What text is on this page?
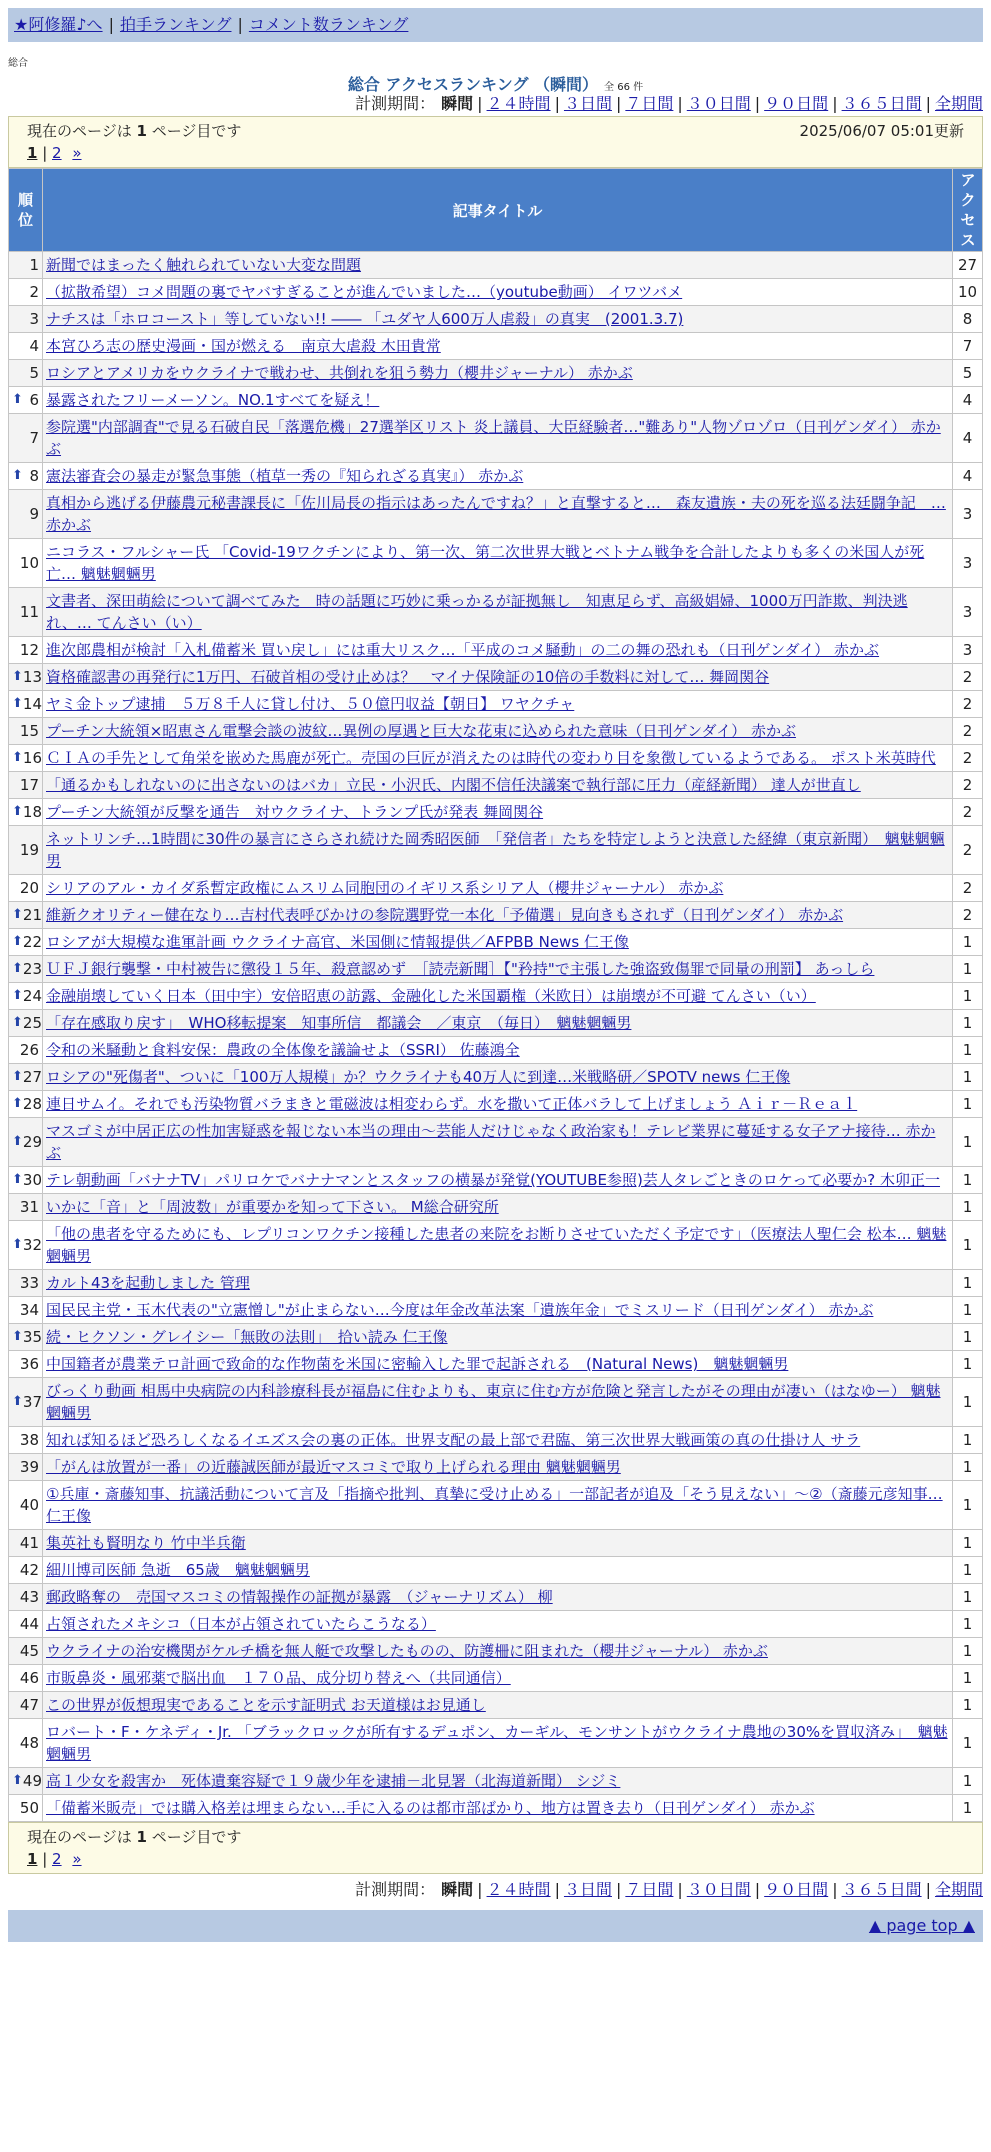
★阿修羅♪へ | 拍手ランキング | コメント数ランキング
総合
総合 アクセスランキング （瞬間） 全 66 件
計測期間： 瞬間 | ２４時間 | ３日間 | ７日間 | ３０日間 | ９０日間 | ３６５日間 | 全期間
現在のページは 1 ページ目です	2025/06/07 05:01更新
1 | 2 »
順位	記事タイトル	アクセス

1	新聞ではまったく触れられていない大変な問題	27
2	（拡散希望）コメ問題の裏でヤバすぎることが進んでいました…（youtube動画） イワツバメ	10
3	ナチスは「ホロコースト」等していない!! ―― 「ユダヤ人600万人虐殺」の真実　(2001.3.7)	8
4	本宮ひろ志の歴史漫画・国が燃える　南京大虐殺 木田貴常	7
5	ロシアとアメリカをウクライナで戦わせ、共倒れを狙う勢力（櫻井ジャーナル） 赤かぶ	5

⬆ 6	暴露されたフリーメーソン。NO.1すべてを疑え！	4
7	参院選"内部調査"で見る石破自民「落選危機」27選挙区リスト 炎上議員、大臣経験者…"難あり"人物ゾロゾロ（日刊ゲンダイ） 赤かぶ	4

⬆ 8	憲法審査会の暴走が緊急事態（植草一秀の『知られざる真実』） 赤かぶ	4
9	真相から逃げる伊藤農元秘書課長に「佐川局長の指示はあったんですね？」と直撃すると…　森友遺族・夫の死を巡る法廷闘争記　… 赤かぶ	3
10	ニコラス・フルシャー氏 「Covid-19ワクチンにより、第一次、第二次世界大戦とベトナム戦争を合計したよりも多くの米国人が死亡… 魑魅魍魎男	3
11	文書者、深田萌絵について調べてみた　時の話題に巧妙に乗っかるが証拠無し　知恵足らず、高級娼婦、1000万円詐欺、判決逃れ、… てんさい（い）	3
12	進次郎農相が検討「入札備蓄米 買い戻し」には重大リスク…「平成のコメ騒動」の二の舞の恐れも（日刊ゲンダイ） 赤かぶ	3

⬆ 13	資格確認書の再発行に1万円、石破首相の受け止めは？　マイナ保険証の10倍の手数料に対して… 舞岡関谷	2

⬆ 14	ヤミ金トップ逮捕　５万８千人に貸し付け、５０億円収益【朝日】 ワヤクチャ	2
15	プーチン大統領×昭恵さん電撃会談の波紋…異例の厚遇と巨大な花束に込められた意味（日刊ゲンダイ） 赤かぶ	2

⬆ 16	ＣＩＡの手先として角栄を嵌めた馬鹿が死亡。売国の巨匠が消えたのは時代の変わり目を象徴しているようである。 ポスト米英時代	2
17	「通るかもしれないのに出さないのはバカ」立民・小沢氏、内閣不信任決議案で執行部に圧力（産経新聞） 達人が世直し	2

⬆ 18	プーチン大統領が反撃を通告　対ウクライナ、トランプ氏が発表 舞岡関谷	2
19	ネットリンチ…1時間に30件の暴言にさらされ続けた岡秀昭医師　「発信者」たちを特定しようと決意した経緯（東京新聞）　魑魅魍魎男	2
20	シリアのアル・カイダ系暫定政権にムスリム同胞団のイギリス系シリア人（櫻井ジャーナル） 赤かぶ	2

⬆ 21	維新クオリティー健在なり…吉村代表呼びかけの参院選野党一本化「予備選」見向きもされず（日刊ゲンダイ） 赤かぶ	2

⬆ 22	ロシアが大規模な進軍計画 ウクライナ高官、米国側に情報提供／AFPBB News 仁王像	1

⬆ 23	ＵＦＪ銀行襲撃・中村被告に懲役１５年、殺意認めず　［読売新聞］【"矜持"で主張した強盗致傷罪で同量の刑罰】 あっしら	1

⬆ 24	金融崩壊していく日本（田中宇）安倍昭恵の訪露、金融化した米国覇権（米欧日）は崩壊が不可避 てんさい（い）	1

⬆ 25	「存在感取り戻す」　WHO移転提案　知事所信　都議会　／東京　（毎日）　魑魅魍魎男	1
26	令和の米騒動と食料安保：農政の全体像を議論せよ（SSRI） 佐藤鴻全	1

⬆ 27	ロシアの"死傷者"、ついに「100万人規模」か？ウクライナも40万人に到達…米戦略研／SPOTV news 仁王像	1

⬆ 28	連日サムイ。それでも汚染物質バラまきと電磁波は相変わらず。水を撒いて正体バラして上げましょう Ａｉｒ－Ｒｅａｌ	1

⬆ 29	マスゴミが中居正広の性加害疑惑を報じない本当の理由〜芸能人だけじゃなく政治家も！テレビ業界に蔓延する女子アナ接待… 赤かぶ	1

⬆ 30	テレ朝動画「バナナTV」パリロケでバナナマンとスタッフの横暴が発覚(YOUTUBE参照)芸人タレごときのロケって必要か? 木卯正一	1
31	いかに「音」と「周波数」が重要かを知って下さい。 M総合研究所	1

⬆ 32	「他の患者を守るためにも、レプリコンワクチン接種した患者の来院をお断りさせていただく予定です」（医療法人聖仁会 松本… 魑魅魍魎男	1
33	カルト43を起動しました 管理	1
34	国民民主党・玉木代表の"立憲憎し"が止まらない…今度は年金改革法案「遺族年金」でミスリード（日刊ゲンダイ） 赤かぶ	1

⬆ 35	続・ヒクソン・グレイシー「無敗の法則」　拾い読み 仁王像	1
36	中国籍者が農業テロ計画で致命的な作物菌を米国に密輸入した罪で起訴される　(Natural News)　魑魅魍魎男	1

⬆ 37	びっくり動画 相馬中央病院の内科診療科長が福島に住むよりも、東京に住む方が危険と発言したがその理由が凄い（はなゆー） 魑魅魍魎男	1
38	知れば知るほど恐ろしくなるイエズス会の裏の正体。世界支配の最上部で君臨、第三次世界大戦画策の真の仕掛け人 サラ	1
39	「がんは放置が一番」の近藤誠医師が最近マスコミで取り上げられる理由 魑魅魍魎男	1
40	①兵庫・斎藤知事、抗議活動について言及「指摘や批判、真摯に受け止める」一部記者が追及「そう見えない」〜②（斎藤元彦知事… 仁王像	1
41	集英社も賢明なり 竹中半兵衛	1
42	細川博司医師 急逝　65歳　魑魅魍魎男	1
43	郵政略奪の　売国マスコミの情報操作の証拠が暴露　（ジャーナリズム） 柳	1
44	占領されたメキシコ（日本が占領されていたらこうなる）	1
45	ウクライナの治安機関がケルチ橋を無人艇で攻撃したものの、防護柵に阻まれた（櫻井ジャーナル） 赤かぶ	1
46	市販鼻炎・風邪薬で脳出血　１７０品、成分切り替えへ（共同通信）	1
47	この世界が仮想現実であることを示す証明式 お天道様はお見通し	1
48	ロバート・F・ケネディ・Jr. 「ブラックロックが所有するデュポン、カーギル、モンサントがウクライナ農地の30%を買収済み」　魑魅魍魎男	1

⬆ 49	高１少女を殺害か　死体遺棄容疑で１９歳少年を逮捕－北見署（北海道新聞） シジミ	1
50	「備蓄米販売」では購入格差は埋まらない…手に入るのは都市部ばかり、地方は置き去り（日刊ゲンダイ） 赤かぶ	1
現在のページは 1 ページ目です
1 | 2 »
計測期間： 瞬間 | ２４時間 | ３日間 | ７日間 | ３０日間 | ９０日間 | ３６５日間 | 全期間
▲ page top ▲
